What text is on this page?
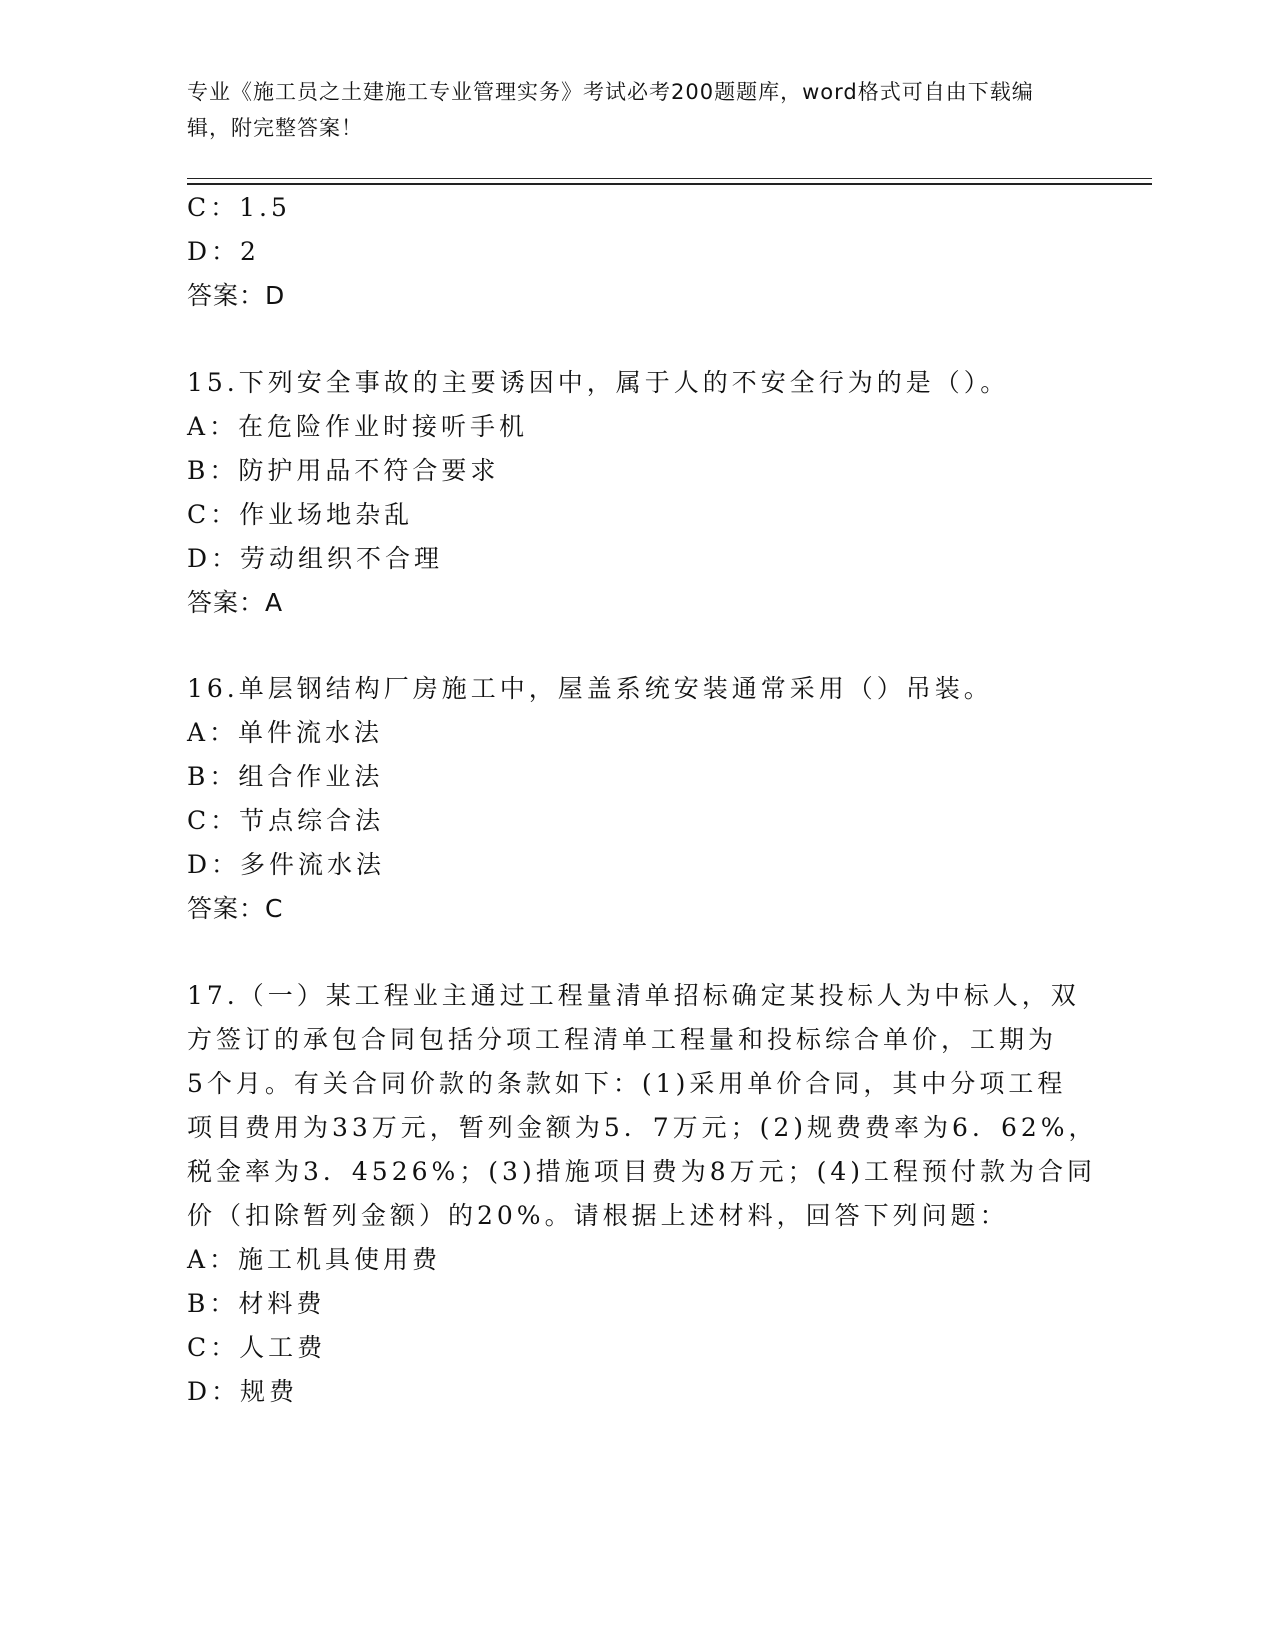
专业《施工员之土建施工专业管理实务》考试必考200题题库，word格式可自由下载编辑，附完整答案！
C：1.5
D：2
答案：D
15.下列安全事故的主要诱因中，属于人的不安全行为的是（）。
A：在危险作业时接听手机
B：防护用品不符合要求
C：作业场地杂乱
D：劳动组织不合理
答案：A
16.单层钢结构厂房施工中，屋盖系统安装通常采用（）吊装。
A：单件流水法
B：组合作业法
C：节点综合法
D：多件流水法
答案：C
17.（一）某工程业主通过工程量清单招标确定某投标人为中标人，双
方签订的承包合同包括分项工程清单工程量和投标综合单价，工期为
5个月。有关合同价款的条款如下：(1)采用单价合同，其中分项工程
项目费用为33万元，暂列金额为5．7万元；(2)规费费率为6．62%，
税金率为3．4526%；(3)措施项目费为8万元；(4)工程预付款为合同
价（扣除暂列金额）的20%。请根据上述材料，回答下列问题：
A：施工机具使用费
B：材料费
C：人工费
D：规费
